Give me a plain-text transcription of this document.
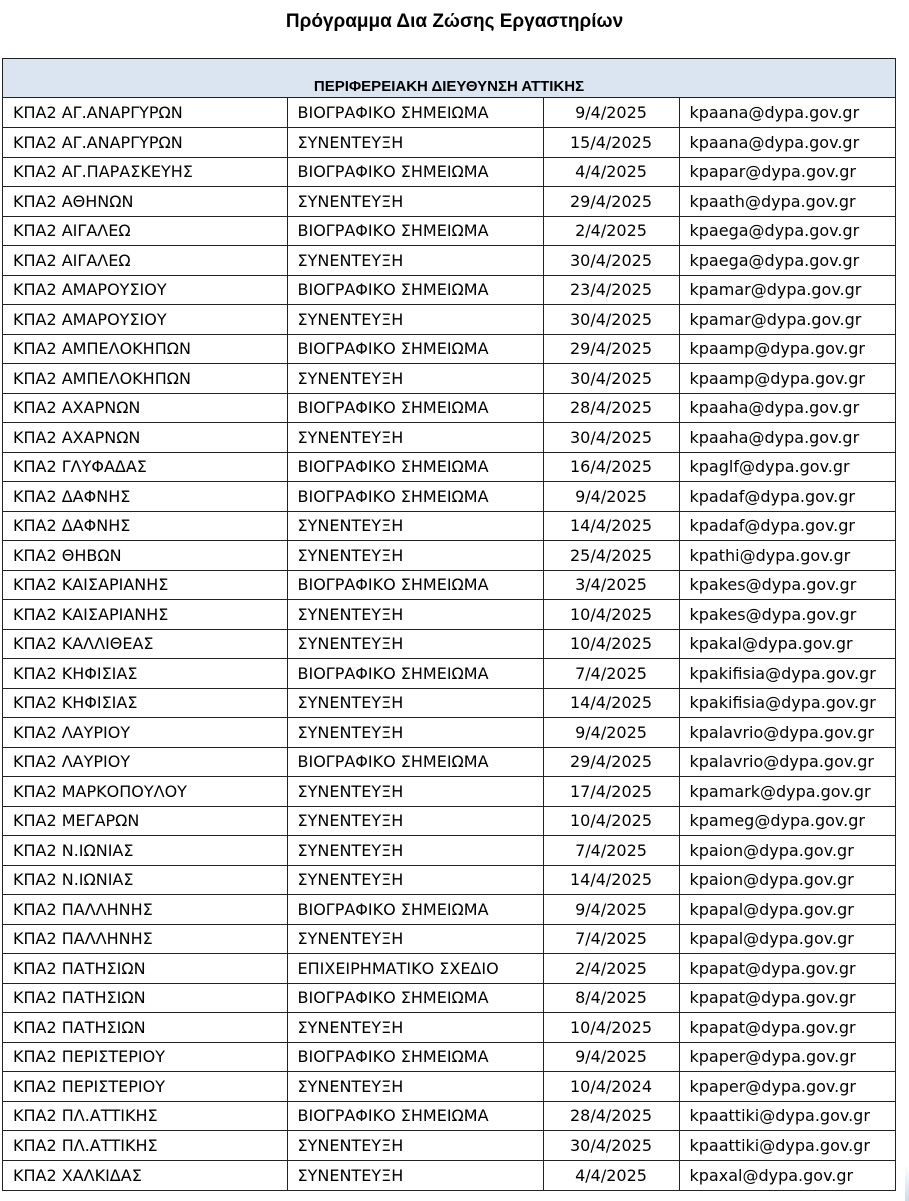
Πρόγραμμα Δια Ζώσης Εργαστηρίων
ΠΕΡΙΦΕΡΕΙΑΚΗ ΔΙΕΥΘΥΝΣΗ ΑΤΤΙΚΗΣ
ΚΠΑ2 ΑΓ.ΑΝΑΡΓΥΡΩΝ	ΒΙΟΓΡΑΦΙΚΟ ΣΗΜΕΙΩΜΑ	9/4/2025	kpaana@dypa.gov.gr
ΚΠΑ2 ΑΓ.ΑΝΑΡΓΥΡΩΝ	ΣΥΝΕΝΤΕΥΞΗ	15/4/2025	kpaana@dypa.gov.gr
ΚΠΑ2 ΑΓ.ΠΑΡΑΣΚΕΥΗΣ	ΒΙΟΓΡΑΦΙΚΟ ΣΗΜΕΙΩΜΑ	4/4/2025	kpapar@dypa.gov.gr
ΚΠΑ2 ΑΘΗΝΩΝ	ΣΥΝΕΝΤΕΥΞΗ	29/4/2025	kpaath@dypa.gov.gr
ΚΠΑ2 ΑΙΓΑΛΕΩ	ΒΙΟΓΡΑΦΙΚΟ ΣΗΜΕΙΩΜΑ	2/4/2025	kpaega@dypa.gov.gr
ΚΠΑ2 ΑΙΓΑΛΕΩ	ΣΥΝΕΝΤΕΥΞΗ	30/4/2025	kpaega@dypa.gov.gr
ΚΠΑ2 ΑΜΑΡΟΥΣΙΟΥ	ΒΙΟΓΡΑΦΙΚΟ ΣΗΜΕΙΩΜΑ	23/4/2025	kpamar@dypa.gov.gr
ΚΠΑ2 ΑΜΑΡΟΥΣΙΟΥ	ΣΥΝΕΝΤΕΥΞΗ	30/4/2025	kpamar@dypa.gov.gr
ΚΠΑ2 ΑΜΠΕΛΟΚΗΠΩΝ	ΒΙΟΓΡΑΦΙΚΟ ΣΗΜΕΙΩΜΑ	29/4/2025	kpaamp@dypa.gov.gr
ΚΠΑ2 ΑΜΠΕΛΟΚΗΠΩΝ	ΣΥΝΕΝΤΕΥΞΗ	30/4/2025	kpaamp@dypa.gov.gr
ΚΠΑ2 ΑΧΑΡΝΩΝ	ΒΙΟΓΡΑΦΙΚΟ ΣΗΜΕΙΩΜΑ	28/4/2025	kpaaha@dypa.gov.gr
ΚΠΑ2 ΑΧΑΡΝΩΝ	ΣΥΝΕΝΤΕΥΞΗ	30/4/2025	kpaaha@dypa.gov.gr
ΚΠΑ2 ΓΛΥΦΑΔΑΣ	ΒΙΟΓΡΑΦΙΚΟ ΣΗΜΕΙΩΜΑ	16/4/2025	kpaglf@dypa.gov.gr
ΚΠΑ2 ΔΑΦΝΗΣ	ΒΙΟΓΡΑΦΙΚΟ ΣΗΜΕΙΩΜΑ	9/4/2025	kpadaf@dypa.gov.gr
ΚΠΑ2 ΔΑΦΝΗΣ	ΣΥΝΕΝΤΕΥΞΗ	14/4/2025	kpadaf@dypa.gov.gr
ΚΠΑ2 ΘΗΒΩΝ	ΣΥΝΕΝΤΕΥΞΗ	25/4/2025	kpathi@dypa.gov.gr
ΚΠΑ2 ΚΑΙΣΑΡΙΑΝΗΣ	ΒΙΟΓΡΑΦΙΚΟ ΣΗΜΕΙΩΜΑ	3/4/2025	kpakes@dypa.gov.gr
ΚΠΑ2 ΚΑΙΣΑΡΙΑΝΗΣ	ΣΥΝΕΝΤΕΥΞΗ	10/4/2025	kpakes@dypa.gov.gr
ΚΠΑ2 ΚΑΛΛΙΘΕΑΣ	ΣΥΝΕΝΤΕΥΞΗ	10/4/2025	kpakal@dypa.gov.gr
ΚΠΑ2 ΚΗΦΙΣΙΑΣ	ΒΙΟΓΡΑΦΙΚΟ ΣΗΜΕΙΩΜΑ	7/4/2025	kpakifisia@dypa.gov.gr
ΚΠΑ2 ΚΗΦΙΣΙΑΣ	ΣΥΝΕΝΤΕΥΞΗ	14/4/2025	kpakifisia@dypa.gov.gr
ΚΠΑ2 ΛΑΥΡΙΟΥ	ΣΥΝΕΝΤΕΥΞΗ	9/4/2025	kpalavrio@dypa.gov.gr
ΚΠΑ2 ΛΑΥΡΙΟΥ	ΒΙΟΓΡΑΦΙΚΟ ΣΗΜΕΙΩΜΑ	29/4/2025	kpalavrio@dypa.gov.gr
ΚΠΑ2 ΜΑΡΚΟΠΟΥΛΟΥ	ΣΥΝΕΝΤΕΥΞΗ	17/4/2025	kpamark@dypa.gov.gr
ΚΠΑ2 ΜΕΓΑΡΩΝ	ΣΥΝΕΝΤΕΥΞΗ	10/4/2025	kpameg@dypa.gov.gr
ΚΠΑ2 Ν.ΙΩΝΙΑΣ	ΣΥΝΕΝΤΕΥΞΗ	7/4/2025	kpaion@dypa.gov.gr
ΚΠΑ2 Ν.ΙΩΝΙΑΣ	ΣΥΝΕΝΤΕΥΞΗ	14/4/2025	kpaion@dypa.gov.gr
ΚΠΑ2 ΠΑΛΛΗΝΗΣ	ΒΙΟΓΡΑΦΙΚΟ ΣΗΜΕΙΩΜΑ	9/4/2025	kpapal@dypa.gov.gr
ΚΠΑ2 ΠΑΛΛΗΝΗΣ	ΣΥΝΕΝΤΕΥΞΗ	7/4/2025	kpapal@dypa.gov.gr
ΚΠΑ2 ΠΑΤΗΣΙΩΝ	ΕΠΙΧΕΙΡΗΜΑΤΙΚΟ ΣΧΕΔΙΟ	2/4/2025	kpapat@dypa.gov.gr
ΚΠΑ2 ΠΑΤΗΣΙΩΝ	ΒΙΟΓΡΑΦΙΚΟ ΣΗΜΕΙΩΜΑ	8/4/2025	kpapat@dypa.gov.gr
ΚΠΑ2 ΠΑΤΗΣΙΩΝ	ΣΥΝΕΝΤΕΥΞΗ	10/4/2025	kpapat@dypa.gov.gr
ΚΠΑ2 ΠΕΡΙΣΤΕΡΙΟΥ	ΒΙΟΓΡΑΦΙΚΟ ΣΗΜΕΙΩΜΑ	9/4/2025	kpaper@dypa.gov.gr
ΚΠΑ2 ΠΕΡΙΣΤΕΡΙΟΥ	ΣΥΝΕΝΤΕΥΞΗ	10/4/2024	kpaper@dypa.gov.gr
ΚΠΑ2 ΠΛ.ΑΤΤΙΚΗΣ	ΒΙΟΓΡΑΦΙΚΟ ΣΗΜΕΙΩΜΑ	28/4/2025	kpaattiki@dypa.gov.gr
ΚΠΑ2 ΠΛ.ΑΤΤΙΚΗΣ	ΣΥΝΕΝΤΕΥΞΗ	30/4/2025	kpaattiki@dypa.gov.gr
ΚΠΑ2 ΧΑΛΚΙΔΑΣ	ΣΥΝΕΝΤΕΥΞΗ	4/4/2025	kpaxal@dypa.gov.gr
